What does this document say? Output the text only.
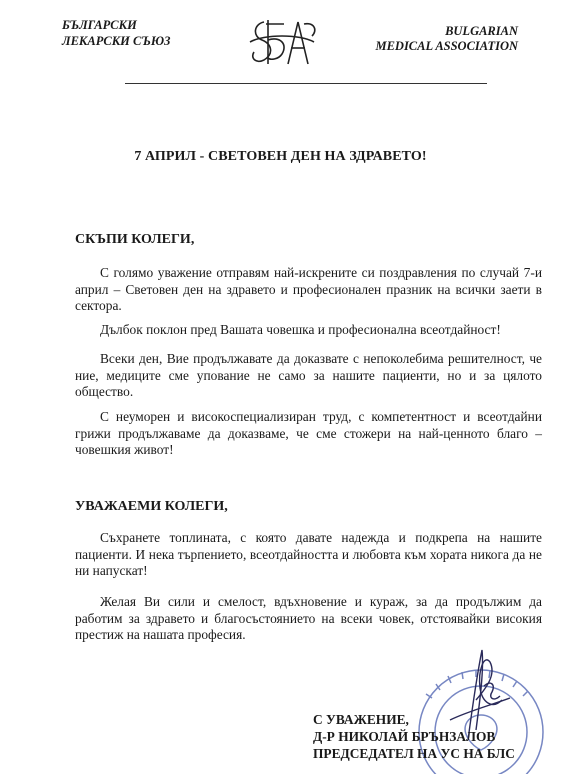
БЪЛГАРСКИ
ЛЕКАРСКИ СЪЮЗ
BULGARIAN
MEDICAL ASSOCIATION
7 АПРИЛ - СВЕТОВЕН ДЕН НА ЗДРАВЕТО!
СКЪПИ КОЛЕГИ,
С голямо уважение отправям най-искрените си поздравления по случай 7-и април – Световен ден на здравето и професионален празник на всички заети в сектора.
Дълбок поклон пред Вашата човешка и професионална всеотдайност!
Всеки ден, Вие продължавате да доказвате с непоколебима решителност, че ние, медиците сме упование не само за нашите пациенти, но и за цялото общество.
С неуморен и високоспециализиран труд, с компетентност и всеотдайни грижи продължаваме да доказваме, че сме стожери на най-ценното благо – човешкия живот!
УВАЖАЕМИ КОЛЕГИ,
Съхранете топлината, с която давате надежда и подкрепа на нашите пациенти. И нека търпението, всеотдайността и любовта към хората никога да не ни напускат!
Желая Ви сили и смелост, вдъхновение и кураж, за да продължим да работим за здравето и благосъстоянието на всеки човек, отстоявайки високия престиж на нашата професия.
С УВАЖЕНИЕ,
Д-Р НИКОЛАЙ БРЪНЗАЛОВ
ПРЕДСЕДАТЕЛ НА УС НА БЛС
